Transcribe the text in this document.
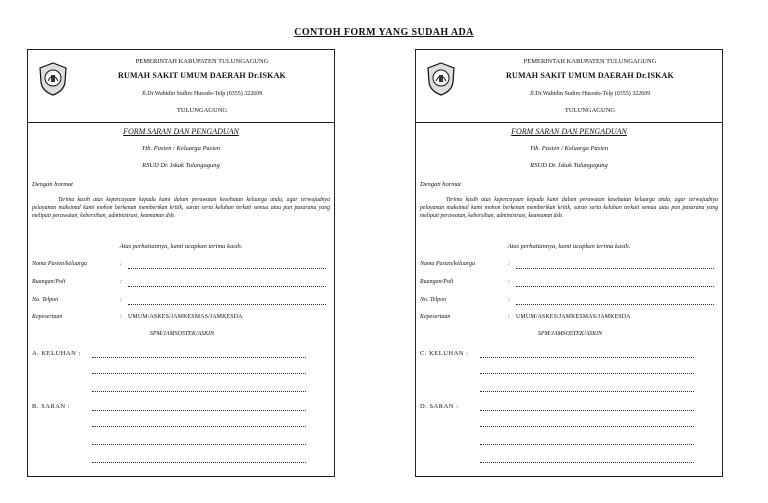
CONTOH FORM YANG SUDAH ADA
PEMERINTAH KABUPATEN TULUNGAGUNG
RUMAH SAKIT UMUM DAERAH Dr.ISKAK
Jl.Dr.Wahidin Sudiro Husodo-Telp (0355) 322609
TULUNGAGUNG
FORM SARAN DAN PENGADUAN
Yth. Pasien / Keluarga Pasien
RSUD Dr. Iskak Tulungagung
Dengan hormat

Terima kasih atas kepercayaan kepada kami dalam perawatan kesehatan keluarga anda, agar terwujudnya pelayanan maksimal kami mohon berkenan memberikan kritik, saran serta keluhan terkait semua atau pun pasarana yang meliputi perawatan, kebersihan, administrasi, keamanan dsb.

Atas perhatiannya, kami ucapkan terima kasih.
Nama Pasien/keluarga	:
Ruangan/Poli	:
No. Telpon	:
Kepesertaan	: UMUM/ASKES/JAMKESMAS/JAMKESDA
SPM/JAMSOSTEK/ASKIN
A. KELUHAN :
B. SARAN :
PEMERINTAH KABUPATEN TULUNGAGUNG
RUMAH SAKIT UMUM DAERAH Dr.ISKAK
Jl.Dr.Wahidin Sudiro Husodo-Telp (0355) 322609
TULUNGAGUNG
FORM SARAN DAN PENGADUAN
Yth. Pasien / Keluarga Pasien
RSUD Dr. Iskak Tulungagung
Dengan hormat

Terima kasih atas kepercayaan kepada kami dalam perawatan kesehatan keluarga anda, agar terwujudnya pelayanan maksimal kami mohon berkenan memberikan kritik, saran serta keluhan terkait semua atau pun pasarana yang meliputi perawatan, kebersihan, administrasi, keamanan dsb.

Atas perhatiannya, kami ucapkan terima kasih.
Nama Pasien/keluarga	:
Ruangan/Poli	:
No. Telpon	:
Kepesertaan	: UMUM/ASKES/JAMKESMAS/JAMKESDA
SPM/JAMSOSTEK/ASKIN
C. KELUHAN :
D. SARAN :
